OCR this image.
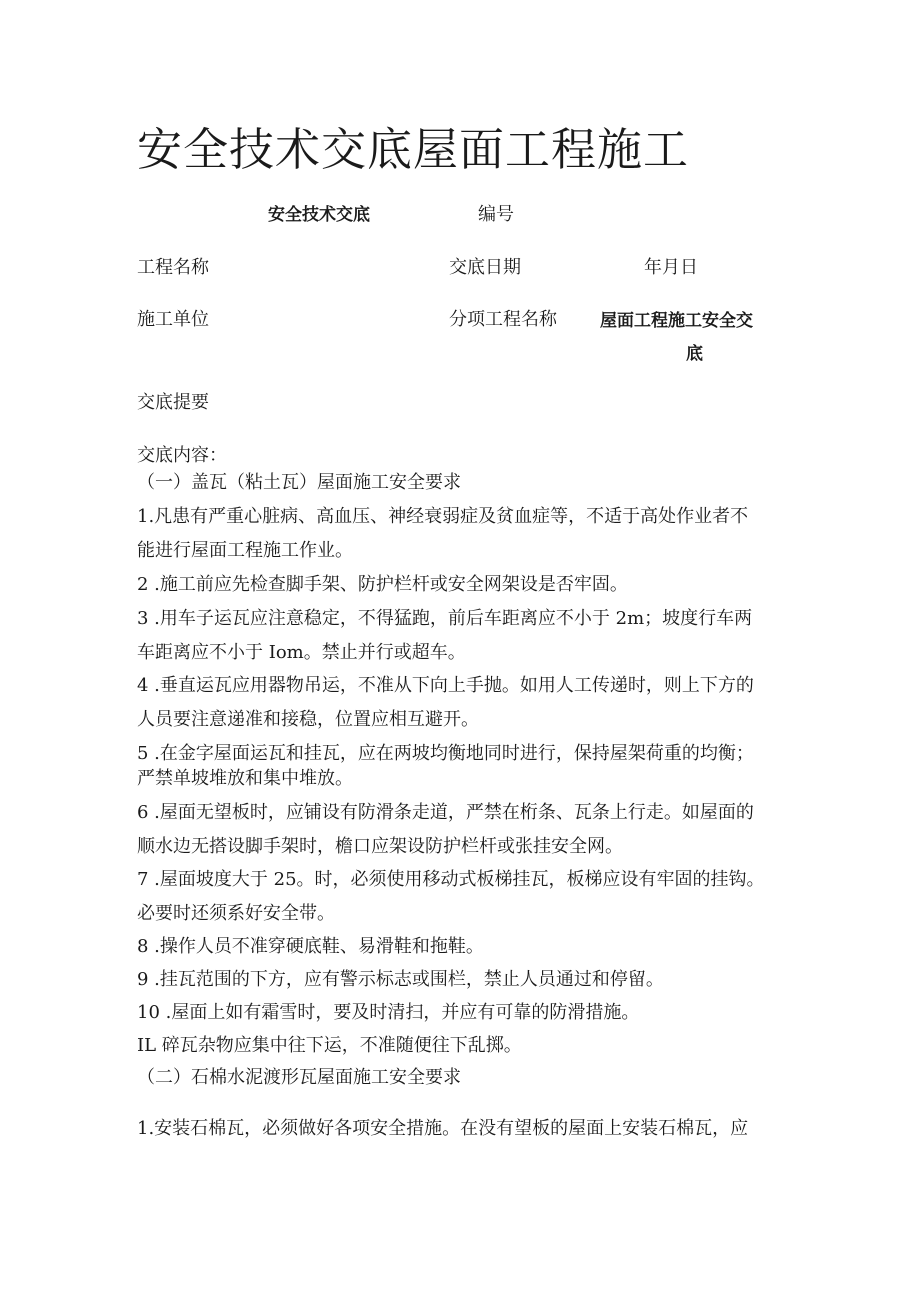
安全技术交底屋面工程施工
安全技术交底	编号
工程名称	交底日期	年月日
施工单位	分项工程名称	屋面工程施工安全交
底
交底提要
交底内容：
（一）盖瓦（粘土瓦）屋面施工安全要求
1.凡患有严重心脏病、高血压、神经衰弱症及贫血症等，不适于高处作业者不
能进行屋面工程施工作业。
2 .施工前应先检查脚手架、防护栏杆或安全网架设是否牢固。
3 .用车子运瓦应注意稳定，不得猛跑，前后车距离应不小于 2m；坡度行车两
车距离应不小于 Iom。禁止并行或超车。
4 .垂直运瓦应用器物吊运，不准从下向上手抛。如用人工传递时，则上下方的
人员要注意递准和接稳，位置应相互避开。
5 .在金字屋面运瓦和挂瓦，应在两坡均衡地同时进行，保持屋架荷重的均衡；
严禁单坡堆放和集中堆放。
6 .屋面无望板时，应铺设有防滑条走道，严禁在桁条、瓦条上行走。如屋面的
顺水边无搭设脚手架时，檐口应架设防护栏杆或张挂安全网。
7 .屋面坡度大于 25。时，必须使用移动式板梯挂瓦，板梯应设有牢固的挂钩。
必要时还须系好安全带。
8 .操作人员不准穿硬底鞋、易滑鞋和拖鞋。
9 .挂瓦范围的下方，应有警示标志或围栏，禁止人员通过和停留。
10 .屋面上如有霜雪时，要及时清扫，并应有可靠的防滑措施。
IL 碎瓦杂物应集中往下运，不准随便往下乱掷。
（二）石棉水泥渡形瓦屋面施工安全要求
1.安装石棉瓦，必须做好各项安全措施。在没有望板的屋面上安装石棉瓦，应
